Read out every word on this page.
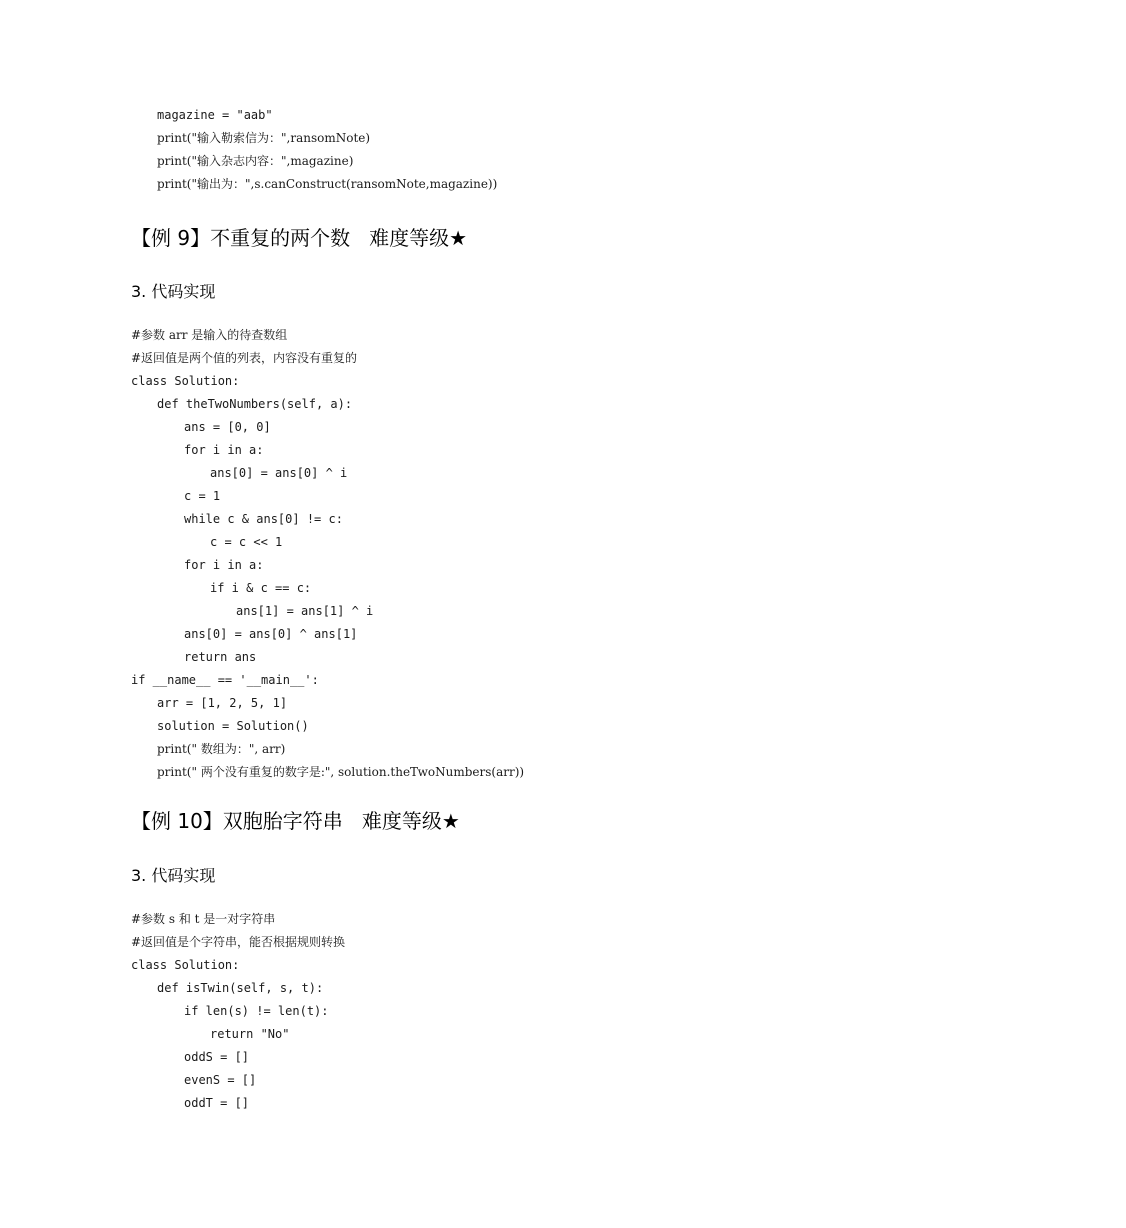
magazine = "aab"
print("输入勒索信为：",ransomNote)
print("输入杂志内容：",magazine)
print("输出为：",s.canConstruct(ransomNote,magazine))
【例 9】不重复的两个数   难度等级★
3. 代码实现
#参数 arr 是输入的待查数组
#返回值是两个值的列表，内容没有重复的
class Solution:
def theTwoNumbers(self, a):
ans = [0, 0]
for i in a:
ans[0] = ans[0] ^ i
c = 1
while c & ans[0] != c:
c = c << 1
for i in a:
if i & c == c:
ans[1] = ans[1] ^ i
ans[0] = ans[0] ^ ans[1]
return ans
if __name__ == '__main__':
arr = [1, 2, 5, 1]
solution = Solution()
print(" 数组为：", arr)
print(" 两个没有重复的数字是:", solution.theTwoNumbers(arr))
【例 10】双胞胎字符串   难度等级★
3. 代码实现
#参数 s 和 t 是一对字符串
#返回值是个字符串，能否根据规则转换
class Solution:
def isTwin(self, s, t):
if len(s) != len(t):
return "No"
oddS = []
evenS = []
oddT = []
